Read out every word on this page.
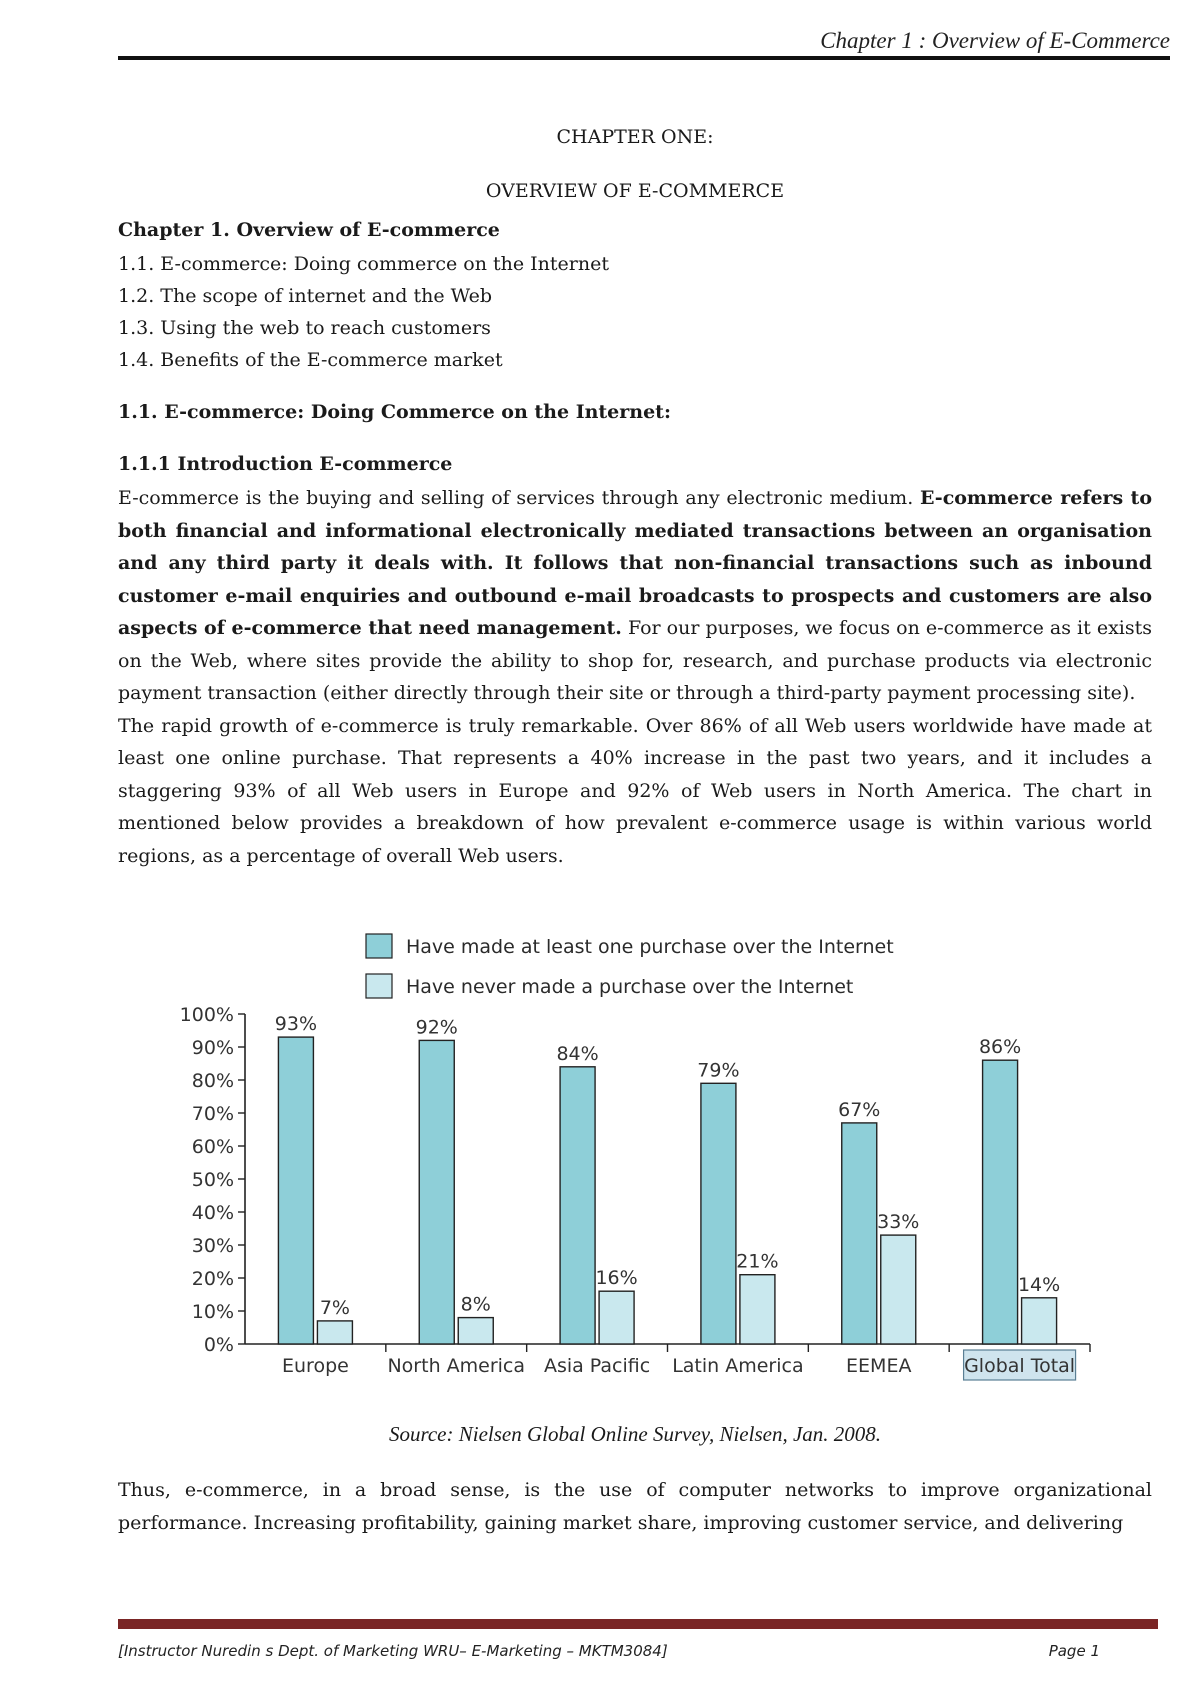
Chapter 1 : Overview of E-Commerce
CHAPTER ONE:
OVERVIEW OF E-COMMERCE
Chapter 1. Overview of E-commerce
1.1. E-commerce: Doing commerce on the Internet
1.2. The scope of internet and the Web
1.3. Using the web to reach customers
1.4. Benefits of the E-commerce market
1.1. E-commerce: Doing Commerce on the Internet:
1.1.1 Introduction E-commerce

E-commerce is the buying and selling of services through any electronic medium. E-commerce refers to both financial and informational electronically mediated transactions between an organisation and any third party it deals with. It follows that non-financial transactions such as inbound customer e-mail enquiries and outbound e-mail broadcasts to prospects and customers are also aspects of e-commerce that need management. For our purposes, we focus on e-commerce as it exists on the Web, where sites provide the ability to shop for, research, and purchase products via electronic payment transaction (either directly through their site or through a third-party payment processing site).

The rapid growth of e-commerce is truly remarkable. Over 86% of all Web users worldwide have made at least one online purchase. That represents a 40% increase in the past two years, and it includes a staggering 93% of all Web users in Europe and 92% of Web users in North America. The chart in mentioned below provides a breakdown of how prevalent e-commerce usage is within various world regions, as a percentage of overall Web users.

Have made at least one purchase over the Internet
Have never made a purchase over the Internet
0%
10%
20%
30%
40%
50%
60%
70%
80%
90%
100% 93%
7%
Europe
92%
8%
North America
84%
16%
Asia Pacific
79%
21%
Latin America
67%
33%
EEMEA
86%
14%
Global Total
Source: Nielsen Global Online Survey, Nielsen, Jan. 2008.

Thus, e-commerce, in a broad sense, is the use of computer networks to improve organizational performance. Increasing profitability, gaining market share, improving customer service, and delivering

[Instructor Nuredin s Dept. of Marketing WRU– E-Marketing – MKTM3084]	Page 1
